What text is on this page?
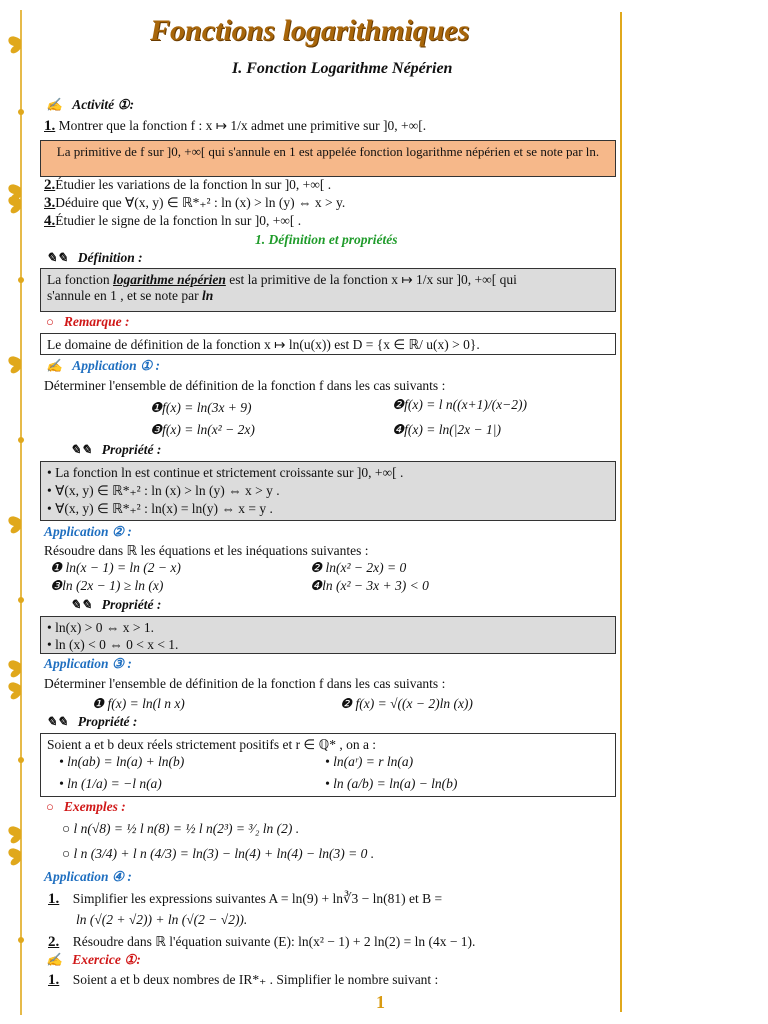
Fonctions logarithmiques
I. Fonction Logarithme Népérien
✍ Activité ①:
1. Montrer que la fonction f : x ↦ 1/x admet une primitive sur ]0, +∞[.
La primitive de f sur ]0, +∞[ qui s'annule en 1 est appelée fonction logarithme népérien et se note par ln.
2.Étudier les variations de la fonction ln sur ]0, +∞[ .
3.Déduire que ∀(x, y) ∈ ℝ*₊² : ln (x) > ln (y) ⇔ x > y.
4.Étudier le signe de la fonction ln sur ]0, +∞[ .
1. Définition et propriétés
✎✎ Définition :
La fonction logarithme népérien est la primitive de la fonction x ↦ 1/x sur ]0, +∞[ qui
s'annule en 1 , et se note par ln
○ Remarque :
Le domaine de définition de la fonction x ↦ ln(u(x)) est D = {x ∈ ℝ/ u(x) > 0}.
✍ Application ① :
Déterminer l'ensemble de définition de la fonction f dans les cas suivants :
❶f(x) = ln(3x + 9)	❷f(x) = l n((x+1)/(x−2))
❸f(x) = ln(x² − 2x)	❹f(x) = ln(|2x − 1|)
✎✎ Propriété :
• La fonction ln est continue et strictement croissante sur ]0, +∞[ .
• ∀(x, y) ∈ ℝ*₊² : ln (x) > ln (y) ⇔ x > y .
• ∀(x, y) ∈ ℝ*₊² : ln(x) = ln(y) ⇔ x = y .
Application ② :
Résoudre dans ℝ les équations et les inéquations suivantes :
❶ ln(x − 1) = ln (2 − x)	❷ ln(x² − 2x) = 0
❸ln (2x − 1) ≥ ln (x)	❹ln (x² − 3x + 3) < 0
✎✎ Propriété :
• ln(x) > 0 ⇔ x > 1.
• ln (x) < 0 ⇔ 0 < x < 1.
Application ③ :
Déterminer l'ensemble de définition de la fonction f dans les cas suivants :
❶ f(x) = ln(l n x)	❷ f(x) = √((x − 2)ln (x))
✎✎ Propriété :
Soient a et b deux réels strictement positifs et r ∈ ℚ* , on a :
• ln(ab) = ln(a) + ln(b)	• ln(aʳ) = r ln(a)
• ln (1/a) = −l n(a)	• ln (a/b) = ln(a) − ln(b)
○ Exemples :
○ l n(√8) = ½ l n(8) = ½ l n(2³) = ³⁄₂ ln (2) .
○ l n (3/4) + l n (4/3) = ln(3) − ln(4) + ln(4) − ln(3) = 0 .
Application ④ :
1. Simplifier les expressions suivantes A = ln(9) + ln∛3 − ln(81) et B =
ln (√(2 + √2)) + ln (√(2 − √2)).
2. Résoudre dans ℝ l'équation suivante (E): ln(x² − 1) + 2 ln(2) = ln (4x − 1).
✍ Exercice ①:
1. Soient a et b deux nombres de IR*₊ . Simplifier le nombre suivant :
1
